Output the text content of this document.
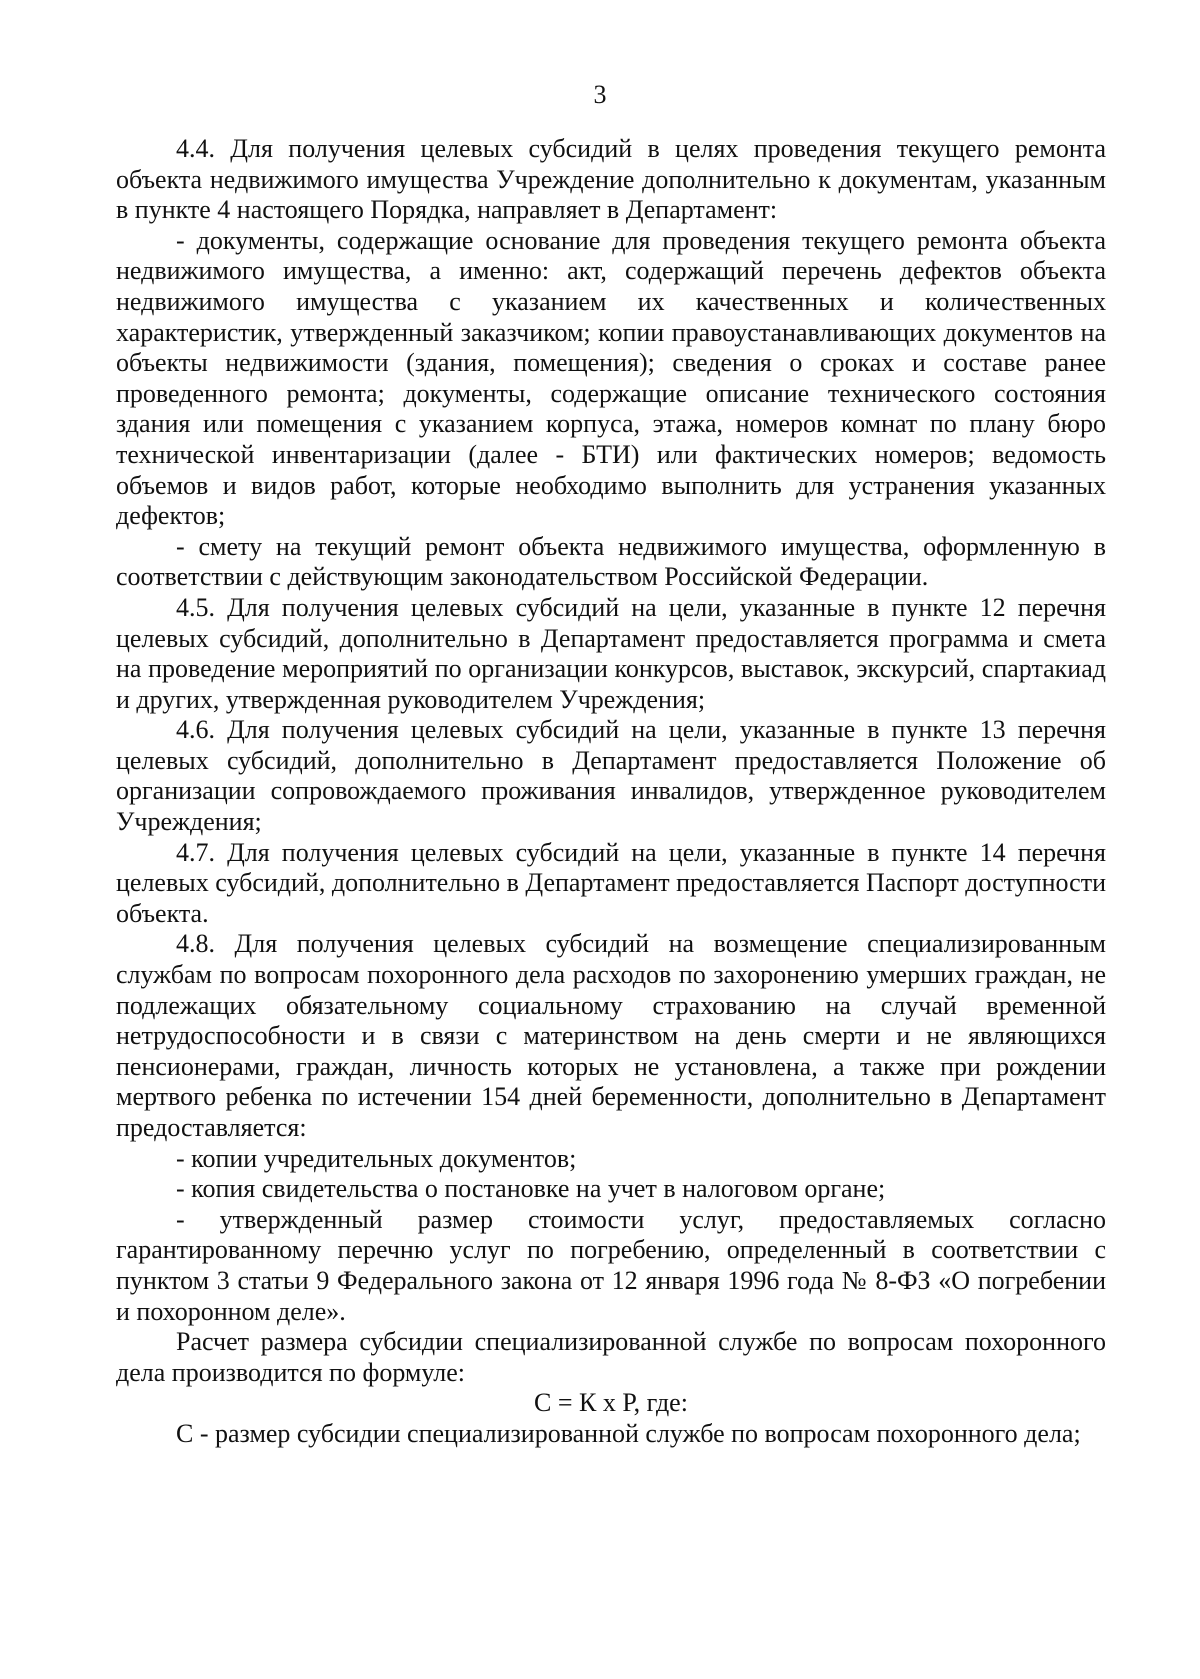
3

4.4. Для получения целевых субсидий в целях проведения текущего ремонта объекта недвижимого имущества Учреждение дополнительно к документам, указанным в пункте 4 настоящего Порядка, направляет в Департамент:

- документы, содержащие основание для проведения текущего ремонта объекта недвижимого имущества, а именно: акт, содержащий перечень дефектов объекта недвижимого имущества с указанием их качественных и количественных характеристик, утвержденный заказчиком; копии правоустанавливающих документов на объекты недвижимости (здания, помещения); сведения о сроках и составе ранее проведенного ремонта; документы, содержащие описание технического состояния здания или помещения с указанием корпуса, этажа, номеров комнат по плану бюро технической инвентаризации (далее - БТИ) или фактических номеров; ведомость объемов и видов работ, которые необходимо выполнить для устранения указанных дефектов;

- смету на текущий ремонт объекта недвижимого имущества, оформленную в соответствии с действующим законодательством Российской Федерации.

4.5. Для получения целевых субсидий на цели, указанные в пункте 12 перечня целевых субсидий, дополнительно в Департамент предоставляется программа и смета на проведение мероприятий по организации конкурсов, выставок, экскурсий, спартакиад и других, утвержденная руководителем Учреждения;

4.6. Для получения целевых субсидий на цели, указанные в пункте 13 перечня целевых субсидий, дополнительно в Департамент предоставляется Положение об организации сопровождаемого проживания инвалидов, утвержденное руководителем Учреждения;

4.7. Для получения целевых субсидий на цели, указанные в пункте 14 перечня целевых субсидий, дополнительно в Департамент предоставляется Паспорт доступности объекта.

4.8. Для получения целевых субсидий на возмещение специализированным службам по вопросам похоронного дела расходов по захоронению умерших граждан, не подлежащих обязательному социальному страхованию на случай временной нетрудоспособности и в связи с материнством на день смерти и не являющихся пенсионерами, граждан, личность которых не установлена, а также при рождении мертвого ребенка по истечении 154 дней беременности, дополнительно в Департамент предоставляется:

- копии учредительных документов;

- копия свидетельства о постановке на учет в налоговом органе;

- утвержденный размер стоимости услуг, предоставляемых согласно гарантированному перечню услуг по погребению, определенный в соответствии с пунктом 3 статьи 9 Федерального закона от 12 января 1996 года № 8-ФЗ «О погребении и похоронном деле».

Расчет размера субсидии специализированной службе по вопросам похоронного дела производится по формуле:

С = К х Р, где:

С - размер субсидии специализированной службе по вопросам похоронного дела;
